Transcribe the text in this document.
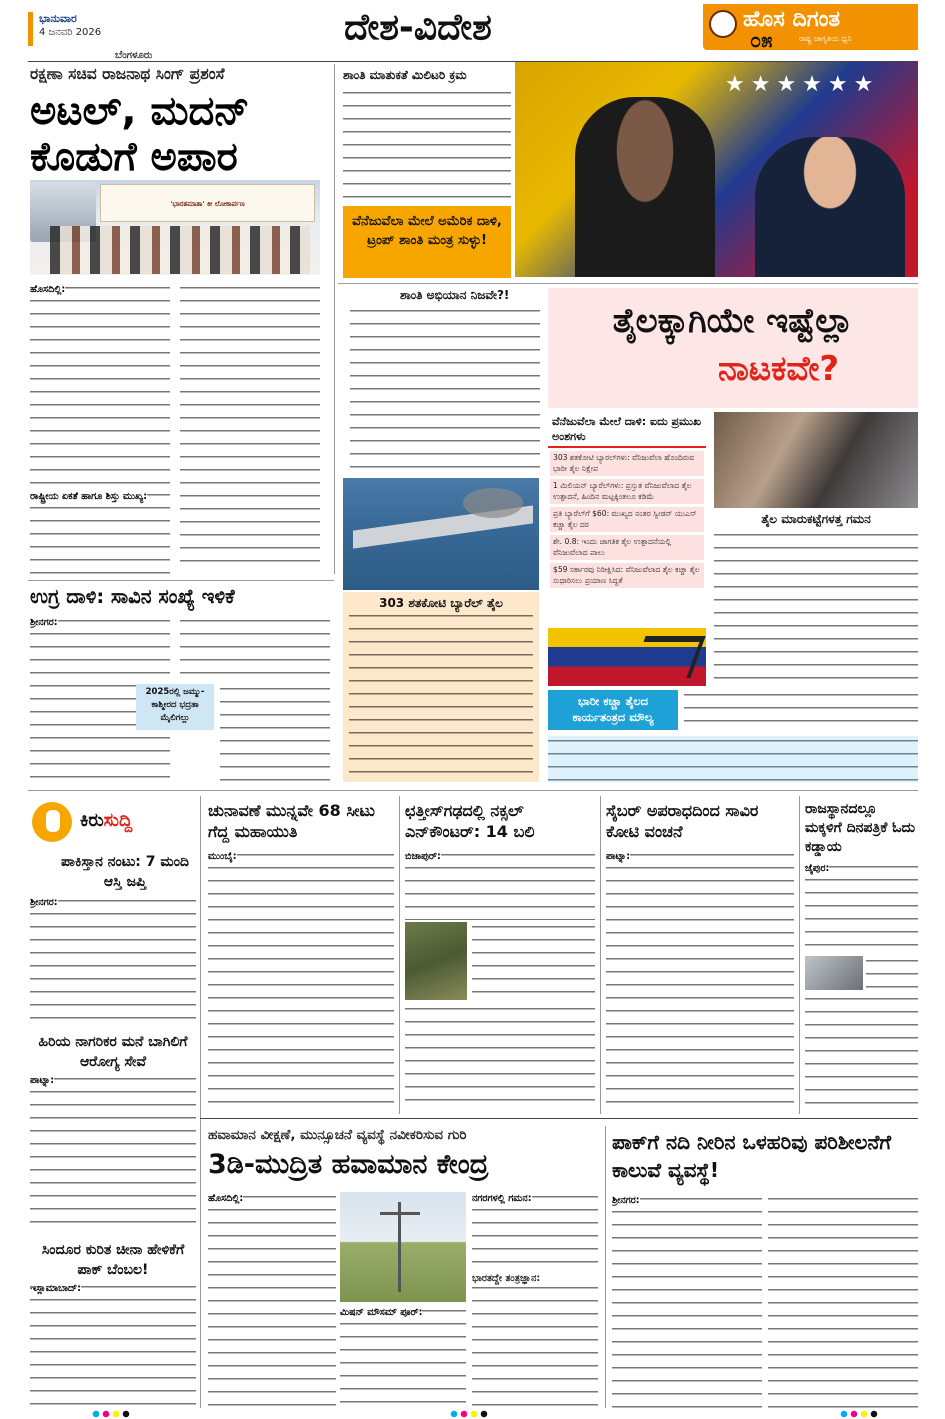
ಭಾನುವಾರ
4 ಜನವರಿ 2026	ದೇಶ-ವಿದೇಶ	ಹೊಸ ದಿಗಂತ
ರಾಷ್ಟ್ರ ಜಾಗೃತಿಯ ಧ್ವನಿ
೦೫
ಬೆಂಗಳೂರು
ರಕ್ಷಣಾ ಸಚಿವ ರಾಜನಾಥ ಸಿಂಗ್ ಪ್ರಶಂಸೆ
ಅಟಲ್, ಮದನ್ ಕೊಡುಗೆ ಅಪಾರ
'ಭಾರತಮಾತಾ' ಕೀ ಲೋಕಾರ್ಪಣ
ಹೊಸದಿಲ್ಲಿ:
ರಾಷ್ಟ್ರೀಯ ಏಕತೆ ಹಾಗೂ ಶಿಸ್ತು ಮುಖ್ಯ:
ಶಾಂತಿ ಮಾತುಕತೆ ಮಿಲಿಟರಿ ಕ್ರಮ
ವೆನೆಜುವೆಲಾ ಮೇಲೆ ಅಮೆರಿಕ ದಾಳಿ, ಟ್ರಂಪ್ ಶಾಂತಿ ಮಂತ್ರ ಸುಳ್ಳು!
★★★★★★
ಶಾಂತಿ ಅಭಿಯಾನ ನಿಜವೇ?!
ತೈಲಕ್ಕಾಗಿಯೇ ಇಷ್ಟೆಲ್ಲಾ
ನಾಟಕವೇ?
303 ಶತಕೋಟಿ ಬ್ಯಾರೆಲ್ ತೈಲ
ವೆನೆಜುವೆಲಾ ಮೇಲೆ ದಾಳಿ: ಐದು ಪ್ರಮುಖ ಅಂಶಗಳು
303 ಶತಕೋಟಿ ಬ್ಯಾರಲ್‌ಗಳು: ವೆನಿಜುವೆಲಾ ಹೊಂದಿರುವ ಭಾರೀ ತೈಲ ನಿಕ್ಷೇಪ
1 ಮಿಲಿಯನ್ ಬ್ಯಾರೆಲ್‌ಗಳು: ಪ್ರಸ್ತುತ ವೆನಿಜುವೆಲಾದ ತೈಲ ಉತ್ಪಾದನೆ, ಹಿಂದಿನ ಮಟ್ಟಕ್ಕಿಂತಲೂ ಕಡಿಮೆ
ಪ್ರತಿ ಬ್ಯಾರೆಲ್‌ಗೆ $60: ಮುಖ್ಯದ ನಂತರ ಸ್ವೀಡನ್ ಯುಎಸ್ ಕಚ್ಚಾ ತೈಲ ದರ
ಶೇ. 0.8: ಇಂದು ಜಾಗತಿಕ ತೈಲ ಉತ್ಪಾದನೆಯಲ್ಲಿ ವೆನಿಜುವೆಲಾದ ಪಾಲು
$59 ಸರ್ಕಾರವು ನಿರೀಕ್ಷಿಸಿದ: ವೆನಿಜುವೆಲಾದ ತೈಲ ಕಚ್ಚಾ ತೈಲ ಸುಧಾರಿಸಲು ಪ್ರಯಾಣ ಸಿದ್ಧತೆ
ತೈಲ ಮಾರುಕಟ್ಟೆಗಳತ್ತ ಗಮನ
ಭಾರೀ ಕಚ್ಚಾ ತೈಲದ ಕಾರ್ಯತಂತ್ರದ ಮೌಲ್ಯ
ಉಗ್ರ ದಾಳಿ: ಸಾವಿನ ಸಂಖ್ಯೆ ಇಳಿಕೆ
ಶ್ರೀನಗರ:
2025ರಲ್ಲಿ ಜಮ್ಮು-ಕಾಶ್ಮೀರದ ಭದ್ರತಾ ಮೈಲಿಗಲ್ಲು
ಕಿರುಸುದ್ದಿ
ಪಾಕಿಸ್ತಾನ ನಂಟು: 7 ಮಂದಿ ಆಸ್ತಿ ಜಪ್ತಿ
ಶ್ರೀನಗರ:
ಹಿರಿಯ ನಾಗರಿಕರ ಮನೆ ಬಾಗಿಲಿಗೆ ಆರೋಗ್ಯ ಸೇವೆ
ಪಾಟ್ನಾ:
ಸಿಂದೂರ ಕುರಿತ ಚೀನಾ ಹೇಳಿಕೆಗೆ ಪಾಕ್ ಬೆಂಬಲ!
ಇಸ್ಲಾಮಾಬಾದ್:
ಚುನಾವಣೆ ಮುನ್ನವೇ 68 ಸೀಟು ಗೆದ್ದ ಮಹಾಯುತಿ
ಮುಂಬೈ:
ಛತ್ತೀಸ್‌ಗಢದಲ್ಲಿ ನಕ್ಸಲ್ ಎನ್‌ಕೌಂಟರ್: 14 ಬಲಿ
ಬಿಜಾಪುರ್:
ಸೈಬರ್ ಅಪರಾಧದಿಂದ ಸಾವಿರ ಕೋಟಿ ವಂಚನೆ
ಪಾಟ್ನಾ:
ರಾಜಸ್ಥಾನದಲ್ಲೂ ಮಕ್ಕಳಿಗೆ ದಿನಪತ್ರಿಕೆ ಓದು ಕಡ್ಡಾಯ
ಜೈಪುರ:
ಹವಾಮಾನ ವೀಕ್ಷಣೆ, ಮುನ್ಸೂಚನೆ ವ್ಯವಸ್ಥೆ ನವೀಕರಿಸುವ ಗುರಿ
3ಡಿ-ಮುದ್ರಿತ ಹವಾಮಾನ ಕೇಂದ್ರ
ಹೊಸದಿಲ್ಲಿ:
ಮಿಷನ್ ಮೌಸಮ್ ಪೂರ್:
ನಗರಗಳಲ್ಲಿ ಗಮನ:
ಭಾರತದ್ದೇ ತಂತ್ರಜ್ಞಾನ:
ಪಾಕ್‌ಗೆ ನದಿ ನೀರಿನ ಒಳಹರಿವು ಪರಿಶೀಲನೆಗೆ ಕಾಲುವೆ ವ್ಯವಸ್ಥೆ!
ಶ್ರೀನಗರ:
